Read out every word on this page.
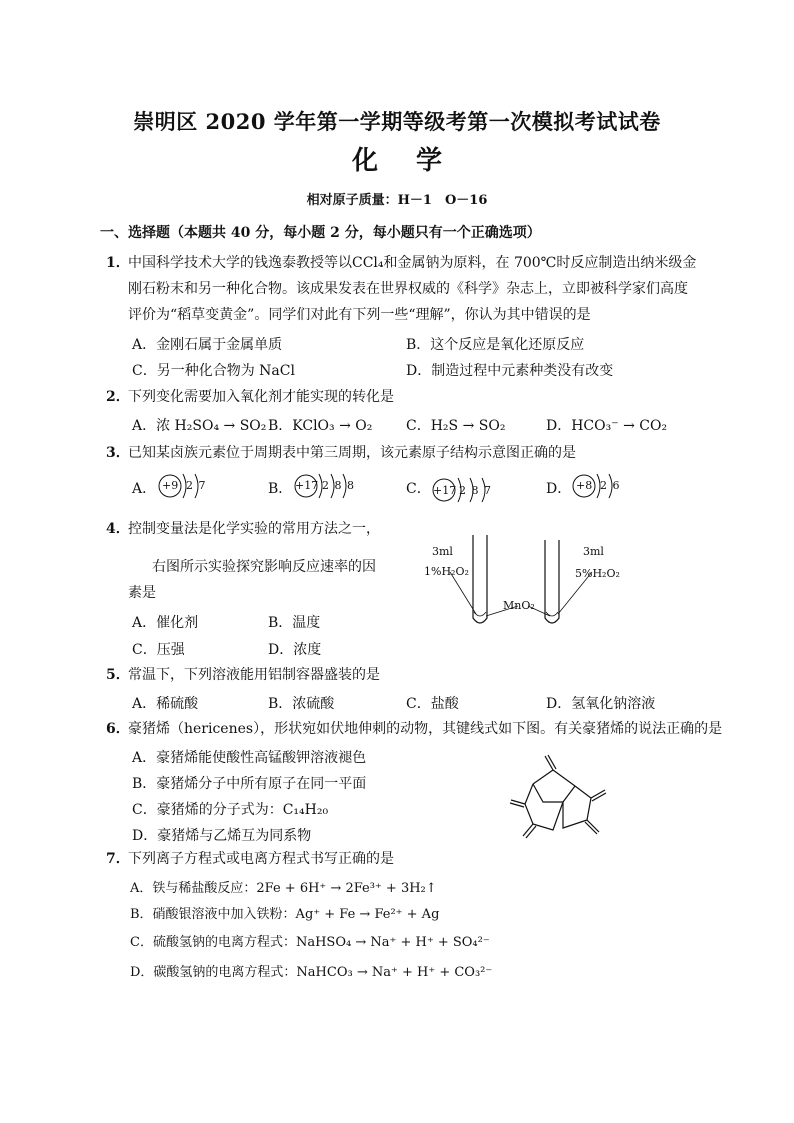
崇明区 2020 学年第一学期等级考第一次模拟考试试卷
化学
相对原子质量：H－1　O－16
一、选择题（本题共 40 分，每小题 2 分，每小题只有一个正确选项）
1．
中国科学技术大学的钱逸泰教授等以CCl₄和金属钠为原料，在 700℃时反应制造出纳米级金
刚石粉末和另一种化合物。该成果发表在世界权威的《科学》杂志上，立即被科学家们高度
评价为“稻草变黄金”。同学们对此有下列一些“理解”，你认为其中错误的是
A．金刚石属于金属单质	B．这个反应是氧化还原反应
C．另一种化合物为 NaCl	D．制造过程中元素种类没有改变
2．
下列变化需要加入氧化剂才能实现的转化是
A．浓 H₂SO₄ → SO₂ B．KClO₃ → O₂ C．H₂S → SO₂	D．HCO₃⁻ → CO₂
3．
已知某卤族元素位于周期表中第三周期，该元素原子结构示意图正确的是
A． +9 2 7	B． +17 2 8 8	C． +17 2 8 7	D． +8 2 6
4．
控制变量法是化学实验的常用方法之一，
右图所示实验探究影响反应速率的因
素是
A．催化剂	B．温度
C．压强	D．浓度
3ml
1%H₂O₂
MnO₂
3ml
5%H₂O₂
5．
常温下，下列溶液能用铝制容器盛装的是
A．稀硫酸	B．浓硫酸	C．盐酸	D．氢氧化钠溶液
6．
豪猪烯（hericenes），形状宛如伏地伸刺的动物，其键线式如下图。有关豪猪烯的说法正确的是
A．豪猪烯能使酸性高锰酸钾溶液褪色
B．豪猪烯分子中所有原子在同一平面
C．豪猪烯的分子式为：C₁₄H₂₀
D．豪猪烯与乙烯互为同系物
7．
下列离子方程式或电离方程式书写正确的是
A．铁与稀盐酸反应：2Fe + 6H⁺ → 2Fe³⁺ + 3H₂↑
B．硝酸银溶液中加入铁粉：Ag⁺ + Fe → Fe²⁺ + Ag
C．硫酸氢钠的电离方程式：NaHSO₄ → Na⁺ + H⁺ + SO₄²⁻
D．碳酸氢钠的电离方程式：NaHCO₃ → Na⁺ + H⁺ + CO₃²⁻
